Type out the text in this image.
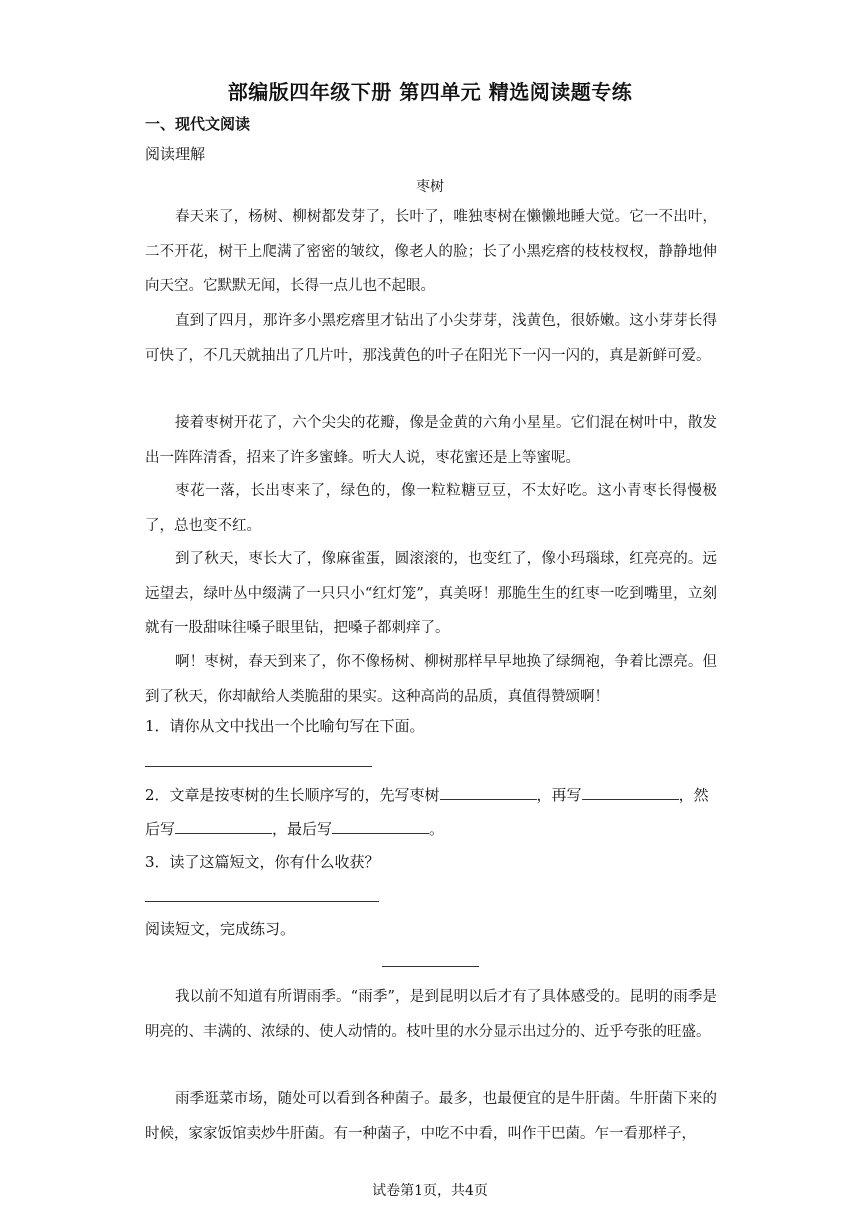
部编版四年级下册 第四单元 精选阅读题专练
一、现代文阅读
阅读理解
枣树
春天来了，杨树、柳树都发芽了，长叶了，唯独枣树在懒懒地睡大觉。它一不出叶，二不开花，树干上爬满了密密的皱纹，像老人的脸；长了小黑疙瘩的枝枝杈杈，静静地伸向天空。它默默无闻，长得一点儿也不起眼。
直到了四月，那许多小黑疙瘩里才钻出了小尖芽芽，浅黄色，很娇嫩。这小芽芽长得可快了，不几天就抽出了几片叶，那浅黄色的叶子在阳光下一闪一闪的，真是新鲜可爱。
接着枣树开花了，六个尖尖的花瓣，像是金黄的六角小星星。它们混在树叶中，散发出一阵阵清香，招来了许多蜜蜂。听大人说，枣花蜜还是上等蜜呢。
枣花一落，长出枣来了，绿色的，像一粒粒糖豆豆，不太好吃。这小青枣长得慢极了，总也变不红。
到了秋天，枣长大了，像麻雀蛋，圆滚滚的，也变红了，像小玛瑙球，红亮亮的。远远望去，绿叶丛中缀满了一只只小“红灯笼”，真美呀！那脆生生的红枣一吃到嘴里，立刻就有一股甜味往嗓子眼里钻，把嗓子都刺痒了。
啊！枣树，春天到来了，你不像杨树、柳树那样早早地换了绿绸袍，争着比漂亮。但到了秋天，你却献给人类脆甜的果实。这种高尚的品质，真值得赞颂啊！
1．请你从文中找出一个比喻句写在下面。
2．文章是按枣树的生长顺序写的，先写枣树	，再写	，然
后写	，最后写	。
3．读了这篇短文，你有什么收获？
阅读短文，完成练习。
我以前不知道有所谓雨季。“雨季”，是到昆明以后才有了具体感受的。昆明的雨季是明亮的、丰满的、浓绿的、使人动情的。枝叶里的水分显示出过分的、近乎夸张的旺盛。
雨季逛菜市场，随处可以看到各种菌子。最多，也最便宜的是牛肝菌。牛肝菌下来的时候，家家饭馆卖炒牛肝菌。有一种菌子，中吃不中看，叫作干巴菌。乍一看那样子，
试卷第1页，共4页
